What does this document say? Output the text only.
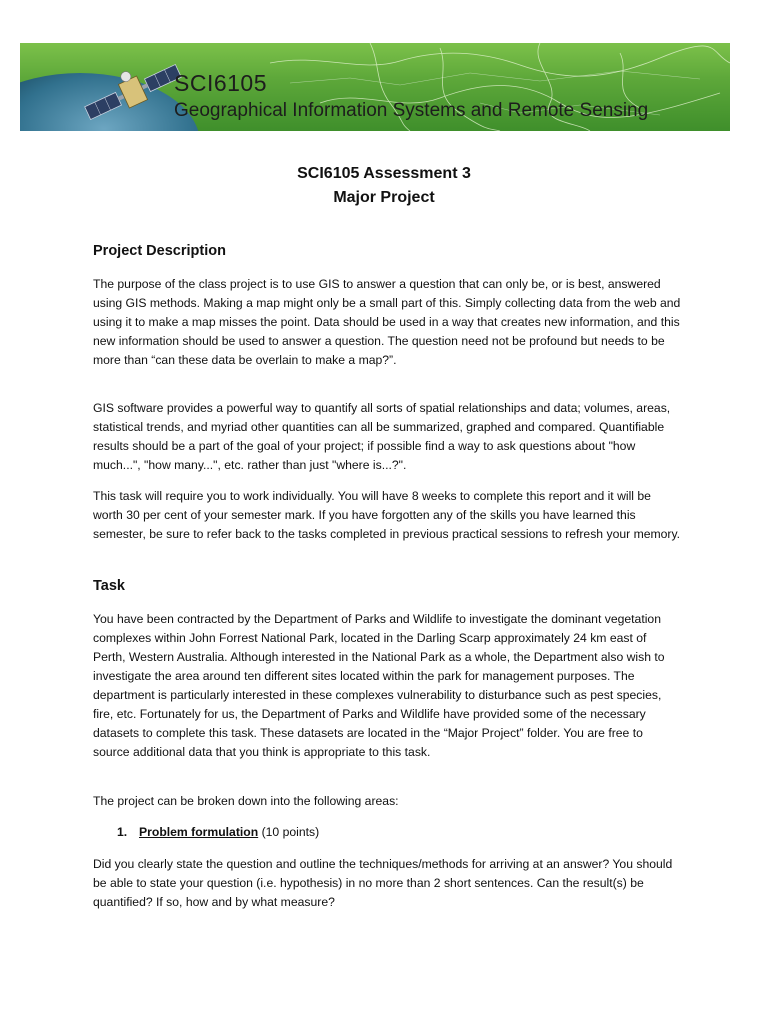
SCI6105
Geographical Information Systems and Remote Sensing
SCI6105 Assessment 3
Major Project
Project Description

The purpose of the class project is to use GIS to answer a question that can only be, or is best, answered using GIS methods. Making a map might only be a small part of this. Simply collecting data from the web and using it to make a map misses the point. Data should be used in a way that creates new information, and this new information should be used to answer a question. The question need not be profound but needs to be more than “can these data be overlain to make a map?”.

GIS software provides a powerful way to quantify all sorts of spatial relationships and data; volumes, areas, statistical trends, and myriad other quantities can all be summarized, graphed and compared. Quantifiable results should be a part of the goal of your project; if possible find a way to ask questions about "how much...", "how many...", etc. rather than just "where is...?".

This task will require you to work individually. You will have 8 weeks to complete this report and it will be worth 30 per cent of your semester mark. If you have forgotten any of the skills you have learned this semester, be sure to refer back to the tasks completed in previous practical sessions to refresh your memory.

Task

You have been contracted by the Department of Parks and Wildlife to investigate the dominant vegetation complexes within John Forrest National Park, located in the Darling Scarp approximately 24 km east of Perth, Western Australia. Although interested in the National Park as a whole, the Department also wish to investigate the area around ten different sites located within the park for management purposes. The department is particularly interested in these complexes vulnerability to disturbance such as pest species, fire, etc. Fortunately for us, the Department of Parks and Wildlife have provided some of the necessary datasets to complete this task. These datasets are located in the “Major Project” folder. You are free to source additional data that you think is appropriate to this task.

The project can be broken down into the following areas:

1. Problem formulation (10 points)

Did you clearly state the question and outline the techniques/methods for arriving at an answer? You should be able to state your question (i.e. hypothesis) in no more than 2 short sentences. Can the result(s) be quantified? If so, how and by what measure?
